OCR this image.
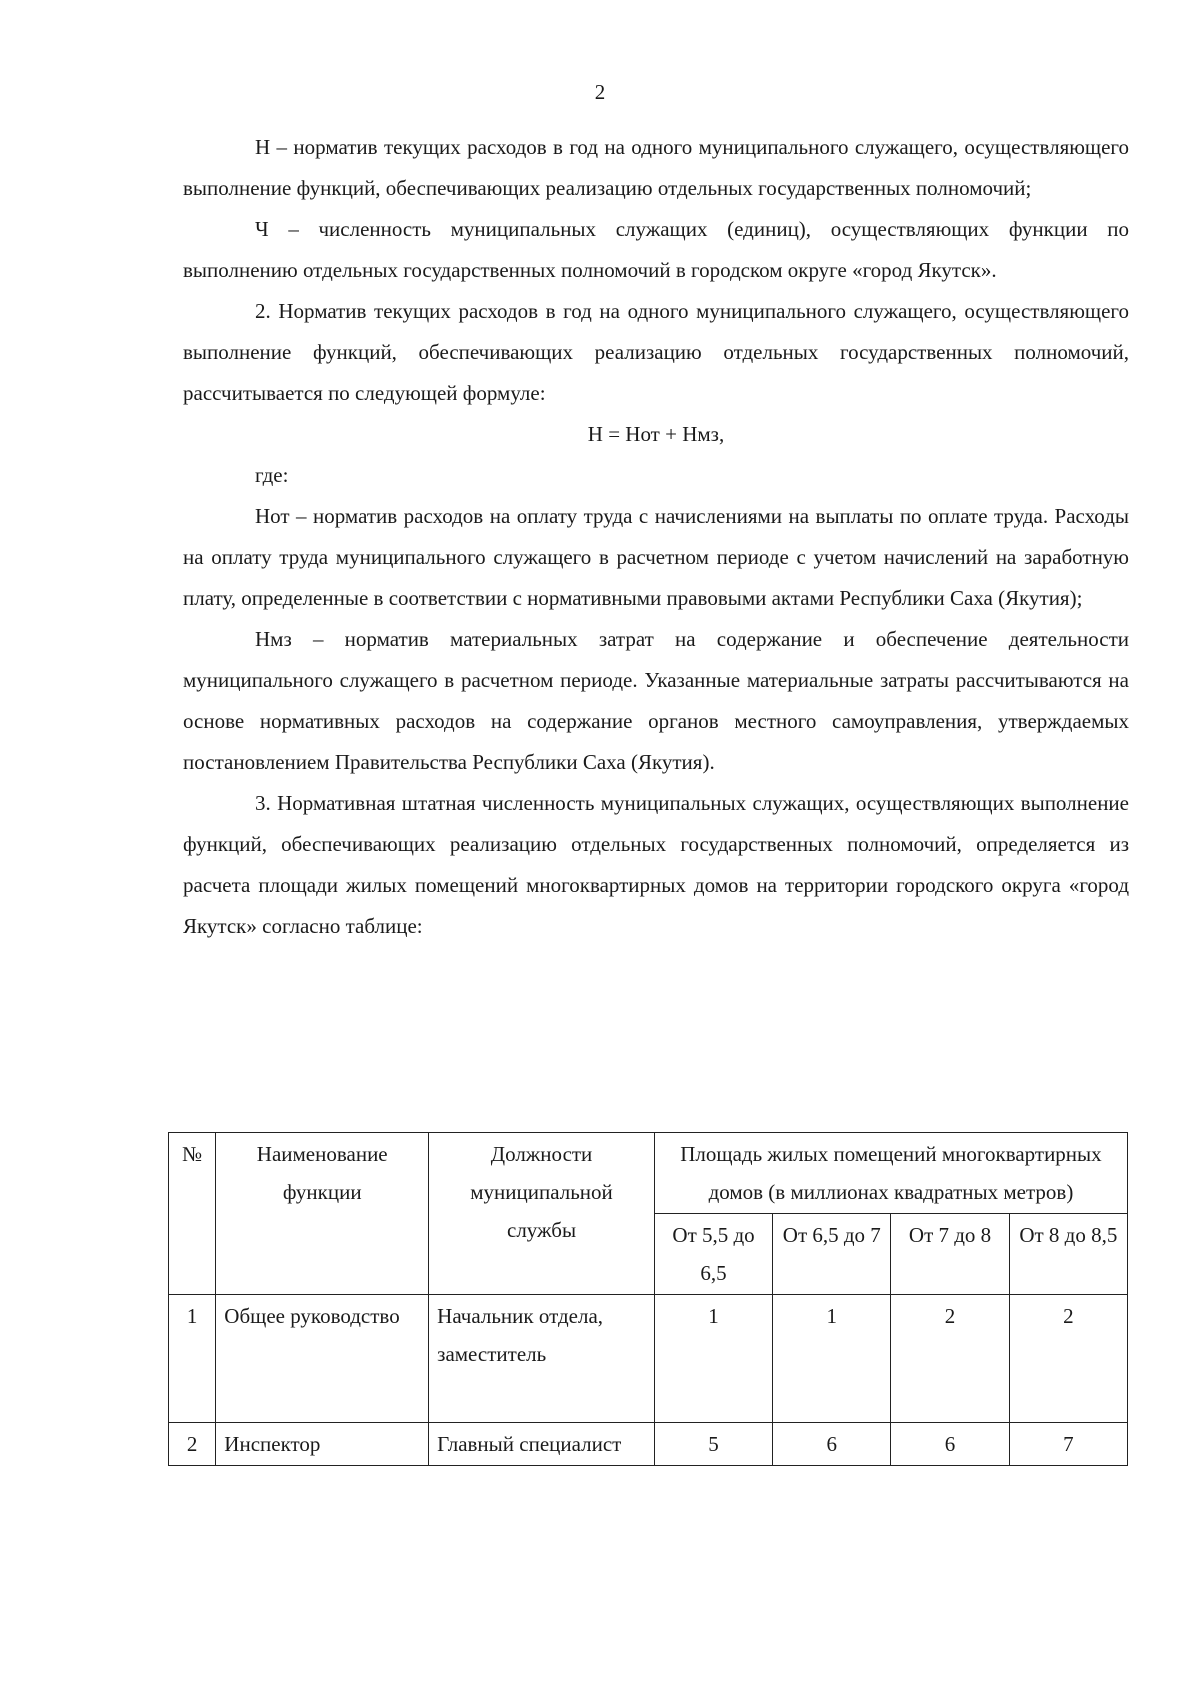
2

Н – норматив текущих расходов в год на одного муниципального служащего, осуществляющего выполнение функций, обеспечивающих реализацию отдельных государственных полномочий;

Ч – численность муниципальных служащих (единиц), осуществляющих функции по выполнению отдельных государственных полномочий в городском округе «город Якутск».

2. Норматив текущих расходов в год на одного муниципального служащего, осуществляющего выполнение функций, обеспечивающих реализацию отдельных государственных полномочий, рассчитывается по следующей формуле:

Н = Нот + Нмз,

где:

Нот – норматив расходов на оплату труда с начислениями на выплаты по оплате труда. Расходы на оплату труда муниципального служащего в расчетном периоде с учетом начислений на заработную плату, определенные в соответствии с нормативными правовыми актами Республики Саха (Якутия);

Нмз – норматив материальных затрат на содержание и обеспечение деятельности муниципального служащего в расчетном периоде. Указанные материальные затраты рассчитываются на основе нормативных расходов на содержание органов местного самоуправления, утверждаемых постановлением Правительства Республики Саха (Якутия).

3. Нормативная штатная численность муниципальных служащих, осуществляющих выполнение функций, обеспечивающих реализацию отдельных государственных полномочий, определяется из расчета площади жилых помещений многоквартирных домов на территории городского округа «город Якутск» согласно таблице:

№	Наименование функции	Должности муниципальной службы	Площадь жилых помещений многоквартирных домов (в миллионах квадратных метров)			
			От 5,5 до 6,5	От 6,5 до 7	От 7 до 8	От 8 до 8,5
1	Общее руководство	Начальник отдела, заместитель	1	1	2	2
2	Инспектор	Главный специалист	5	6	6	7
